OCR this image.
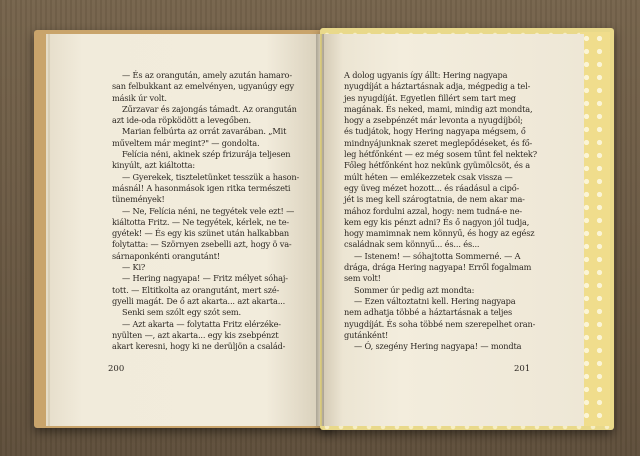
— És az orangután, amely azután hamaro-
san felbukkant az emelvényen, ugyanúgy egy
másik úr volt.
Zűrzavar és zajongás támadt. Az orangután
azt ide-oda röpködött a levegőben.
Marian felbúrta az orrát zavarában. „Mit
műveltem már megint?" — gondolta.
Felícia néni, akinek szép frizurája teljesen
kinyúlt, azt kiáltotta:
— Gyerekek, tiszteletünket tesszük a hason-
másnál! A hasonmások igen ritka természeti
tünemények!
— Ne, Felícia néni, ne tegyétek vele ezt! —
kiáltotta Fritz. — Ne tegyétek, kérlek, ne te-
gyétek! — És egy kis szünet után halkabban
folytatta: — Szörnyen zsebelli azt, hogy ö va-
sárnaponkénti orangutánt!
— Ki?
— Hering nagyapa! — Fritz mélyet sóhaj-
tott. — Eltitkolta az orangutánt, mert szé-
gyelli magát. De ő azt akarta... azt akarta...
Senki sem szólt egy szót sem.
— Azt akarta — folytatta Fritz elérzéke-
nyülten —, azt akarta... egy kis zsebpénzt
akart keresni, hogy ki ne derüljön a család-
200
A dolog ugyanis így állt: Hering nagyapa
nyugdíját a háztartásnak adja, mégpedig a tel-
jes nyugdíját. Egyetlen fillért sem tart meg
magának. És neked, mami, mindig azt mondta,
hogy a zsebpénzét már levonta a nyugdíjból;
és tudjátok, hogy Hering nagyapa mégsem, ő
mindnyájunknak szeret meglepődéseket, és fő-
leg hétfőnként — ez még sosem tűnt fel nektek?
Főleg hétfőnként hoz nekünk gyümölcsöt, és a
múlt héten — emlékezzetek csak vissza —
egy üveg mézet hozott... és ráadásul a cipő-
jét is meg kell szárogtatnia, de nem akar ma-
mához fordulni azzal, hogy: nem tudná-e ne-
kem egy kis pénzt adni? És ő nagyon jól tudja,
hogy mamimnak nem könnyű, és hogy az egész
családnak sem könnyű... és... és...
— Istenem! — sóhajtotta Sommerné. — A
drága, drága Hering nagyapa! Erről fogalmam
sem volt!
Sommer úr pedig azt mondta:
— Ezen változtatni kell. Hering nagyapa
nem adhatja többé a háztartásnak a teljes
nyugdíját. És soha többé nem szerepelhet oran-
gutánként!
— Ó, szegény Hering nagyapa! — mondta
201
